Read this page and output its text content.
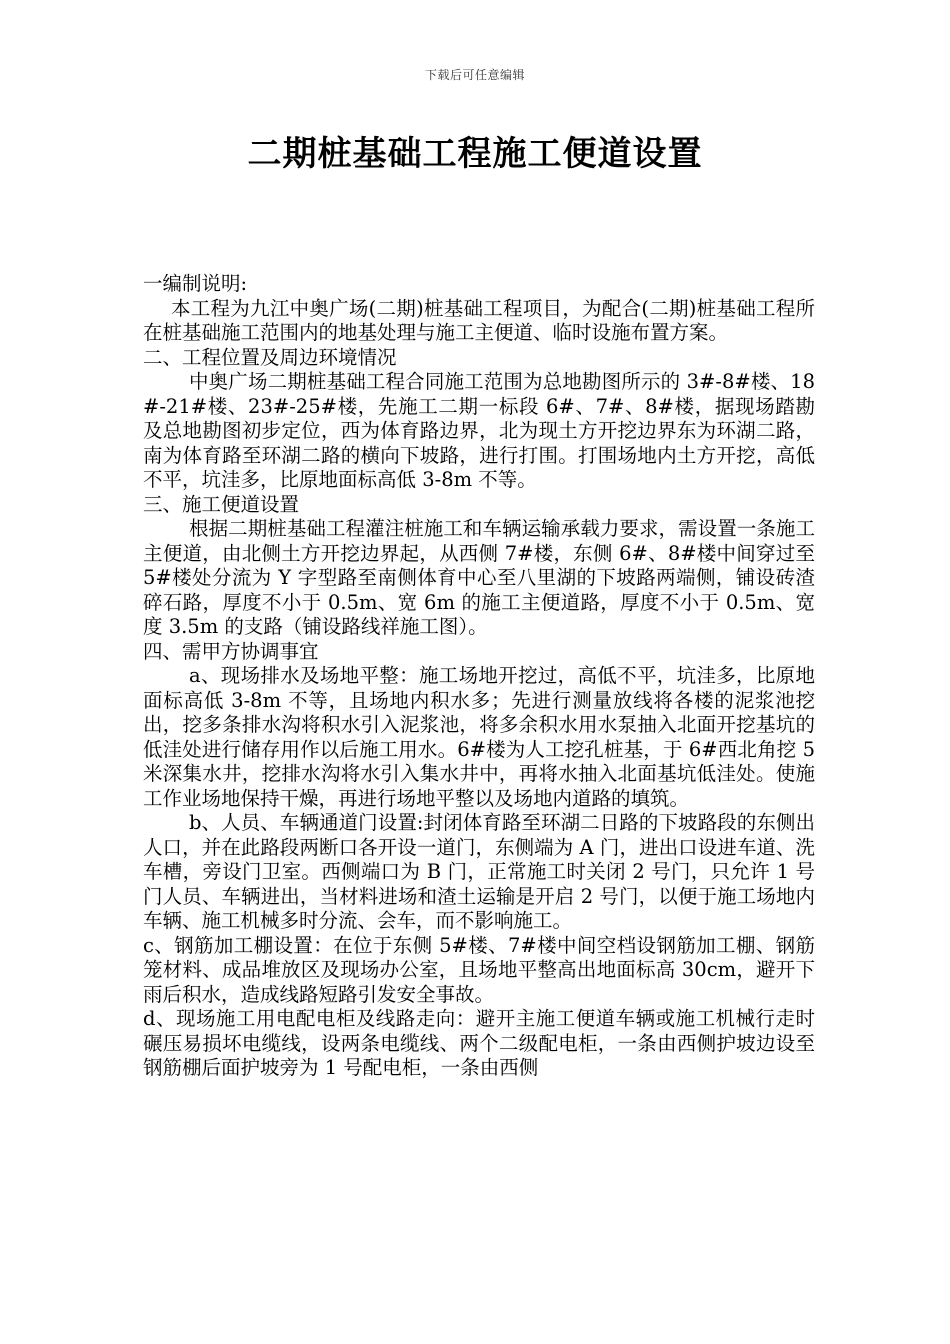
下载后可任意编辑
二期桩基础工程施工便道设置

一编制说明:

本工程为九江中奥广场(二期)桩基础工程项目，为配合(二期)桩基础工程所在桩基础施工范围内的地基处理与施工主便道、临时设施布置方案。

二、工程位置及周边环境情况

中奥广场二期桩基础工程合同施工范围为总地勘图所示的 3#-8#楼、18#-21#楼、23#-25#楼，先施工二期一标段 6#、7#、8#楼，据现场踏勘及总地勘图初步定位，西为体育路边界，北为现土方开挖边界东为环湖二路，南为体育路至环湖二路的横向下坡路，进行打围。打围场地内土方开挖，高低不平，坑洼多，比原地面标高低 3-8m 不等。

三、施工便道设置

根据二期桩基础工程灌注桩施工和车辆运输承载力要求，需设置一条施工主便道，由北侧土方开挖边界起，从西侧 7#楼，东侧 6#、8#楼中间穿过至 5#楼处分流为 Y 字型路至南侧体育中心至八里湖的下坡路两端侧，铺设砖渣碎石路，厚度不小于 0.5m、宽 6m 的施工主便道路，厚度不小于 0.5m、宽度 3.5m 的支路（铺设路线祥施工图）。

四、需甲方协调事宜

a、现场排水及场地平整：施工场地开挖过，高低不平，坑洼多，比原地面标高低 3-8m 不等，且场地内积水多；先进行测量放线将各楼的泥浆池挖出，挖多条排水沟将积水引入泥浆池，将多余积水用水泵抽入北面开挖基坑的低洼处进行储存用作以后施工用水。6#楼为人工挖孔桩基，于 6#西北角挖 5 米深集水井，挖排水沟将水引入集水井中，再将水抽入北面基坑低洼处。使施工作业场地保持干燥，再进行场地平整以及场地内道路的填筑。

b、人员、车辆通道门设置:封闭体育路至环湖二日路的下坡路段的东侧出人口，并在此路段两断口各开设一道门，东侧端为 A 门，进出口设进车道、洗车槽，旁设门卫室。西侧端口为 B 门，正常施工时关闭 2 号门，只允许 1 号门人员、车辆进出，当材料进场和渣土运输是开启 2 号门，以便于施工场地内车辆、施工机械多时分流、会车，而不影响施工。

c、钢筋加工棚设置：在位于东侧 5#楼、7#楼中间空档设钢筋加工棚、钢筋笼材料、成品堆放区及现场办公室，且场地平整高出地面标高 30cm，避开下雨后积水，造成线路短路引发安全事故。

d、现场施工用电配电柜及线路走向：避开主施工便道车辆或施工机械行走时碾压易损坏电缆线，设两条电缆线、两个二级配电柜，一条由西侧护坡边设至钢筋棚后面护坡旁为 1 号配电柜，一条由西侧
